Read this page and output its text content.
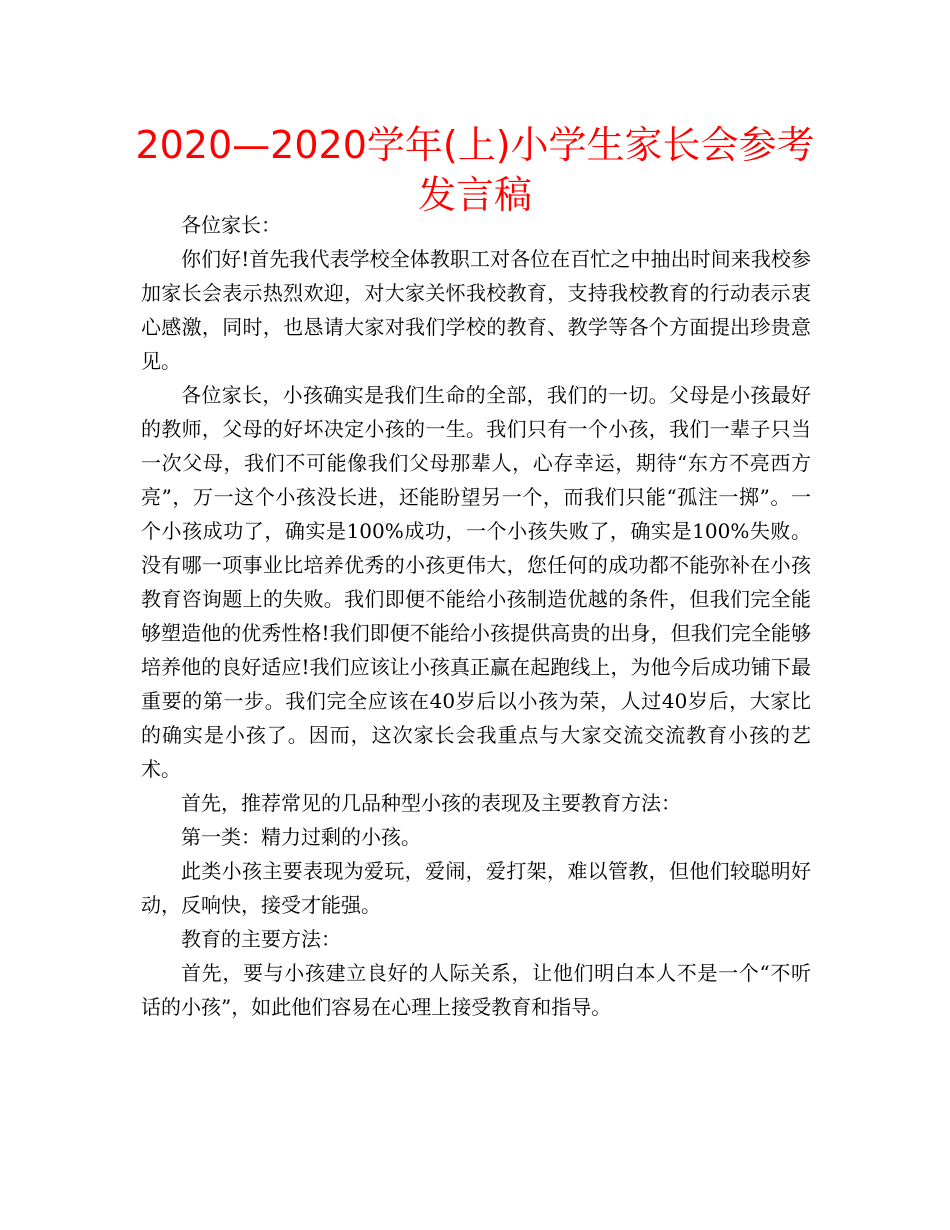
2020—2020学年(上)小学生家长会参考发言稿

各位家长：

你们好!首先我代表学校全体教职工对各位在百忙之中抽出时间来我校参加家长会表示热烈欢迎，对大家关怀我校教育，支持我校教育的行动表示衷心感激，同时，也恳请大家对我们学校的教育、教学等各个方面提出珍贵意见。

各位家长，小孩确实是我们生命的全部，我们的一切。父母是小孩最好的教师，父母的好坏决定小孩的一生。我们只有一个小孩，我们一辈子只当一次父母，我们不可能像我们父母那辈人，心存幸运，期待“东方不亮西方亮”，万一这个小孩没长进，还能盼望另一个，而我们只能“孤注一掷”。一个小孩成功了，确实是100%成功，一个小孩失败了，确实是100%失败。没有哪一项事业比培养优秀的小孩更伟大，您任何的成功都不能弥补在小孩教育咨询题上的失败。我们即便不能给小孩制造优越的条件，但我们完全能够塑造他的优秀性格!我们即便不能给小孩提供高贵的出身，但我们完全能够培养他的良好适应!我们应该让小孩真正赢在起跑线上，为他今后成功铺下最重要的第一步。我们完全应该在40岁后以小孩为荣，人过40岁后，大家比的确实是小孩了。因而，这次家长会我重点与大家交流交流教育小孩的艺术。

首先，推荐常见的几品种型小孩的表现及主要教育方法：

第一类：精力过剩的小孩。

此类小孩主要表现为爱玩，爱闹，爱打架，难以管教，但他们较聪明好动，反响快，接受才能强。

教育的主要方法：

首先，要与小孩建立良好的人际关系，让他们明白本人不是一个“不听话的小孩”，如此他们容易在心理上接受教育和指导。
